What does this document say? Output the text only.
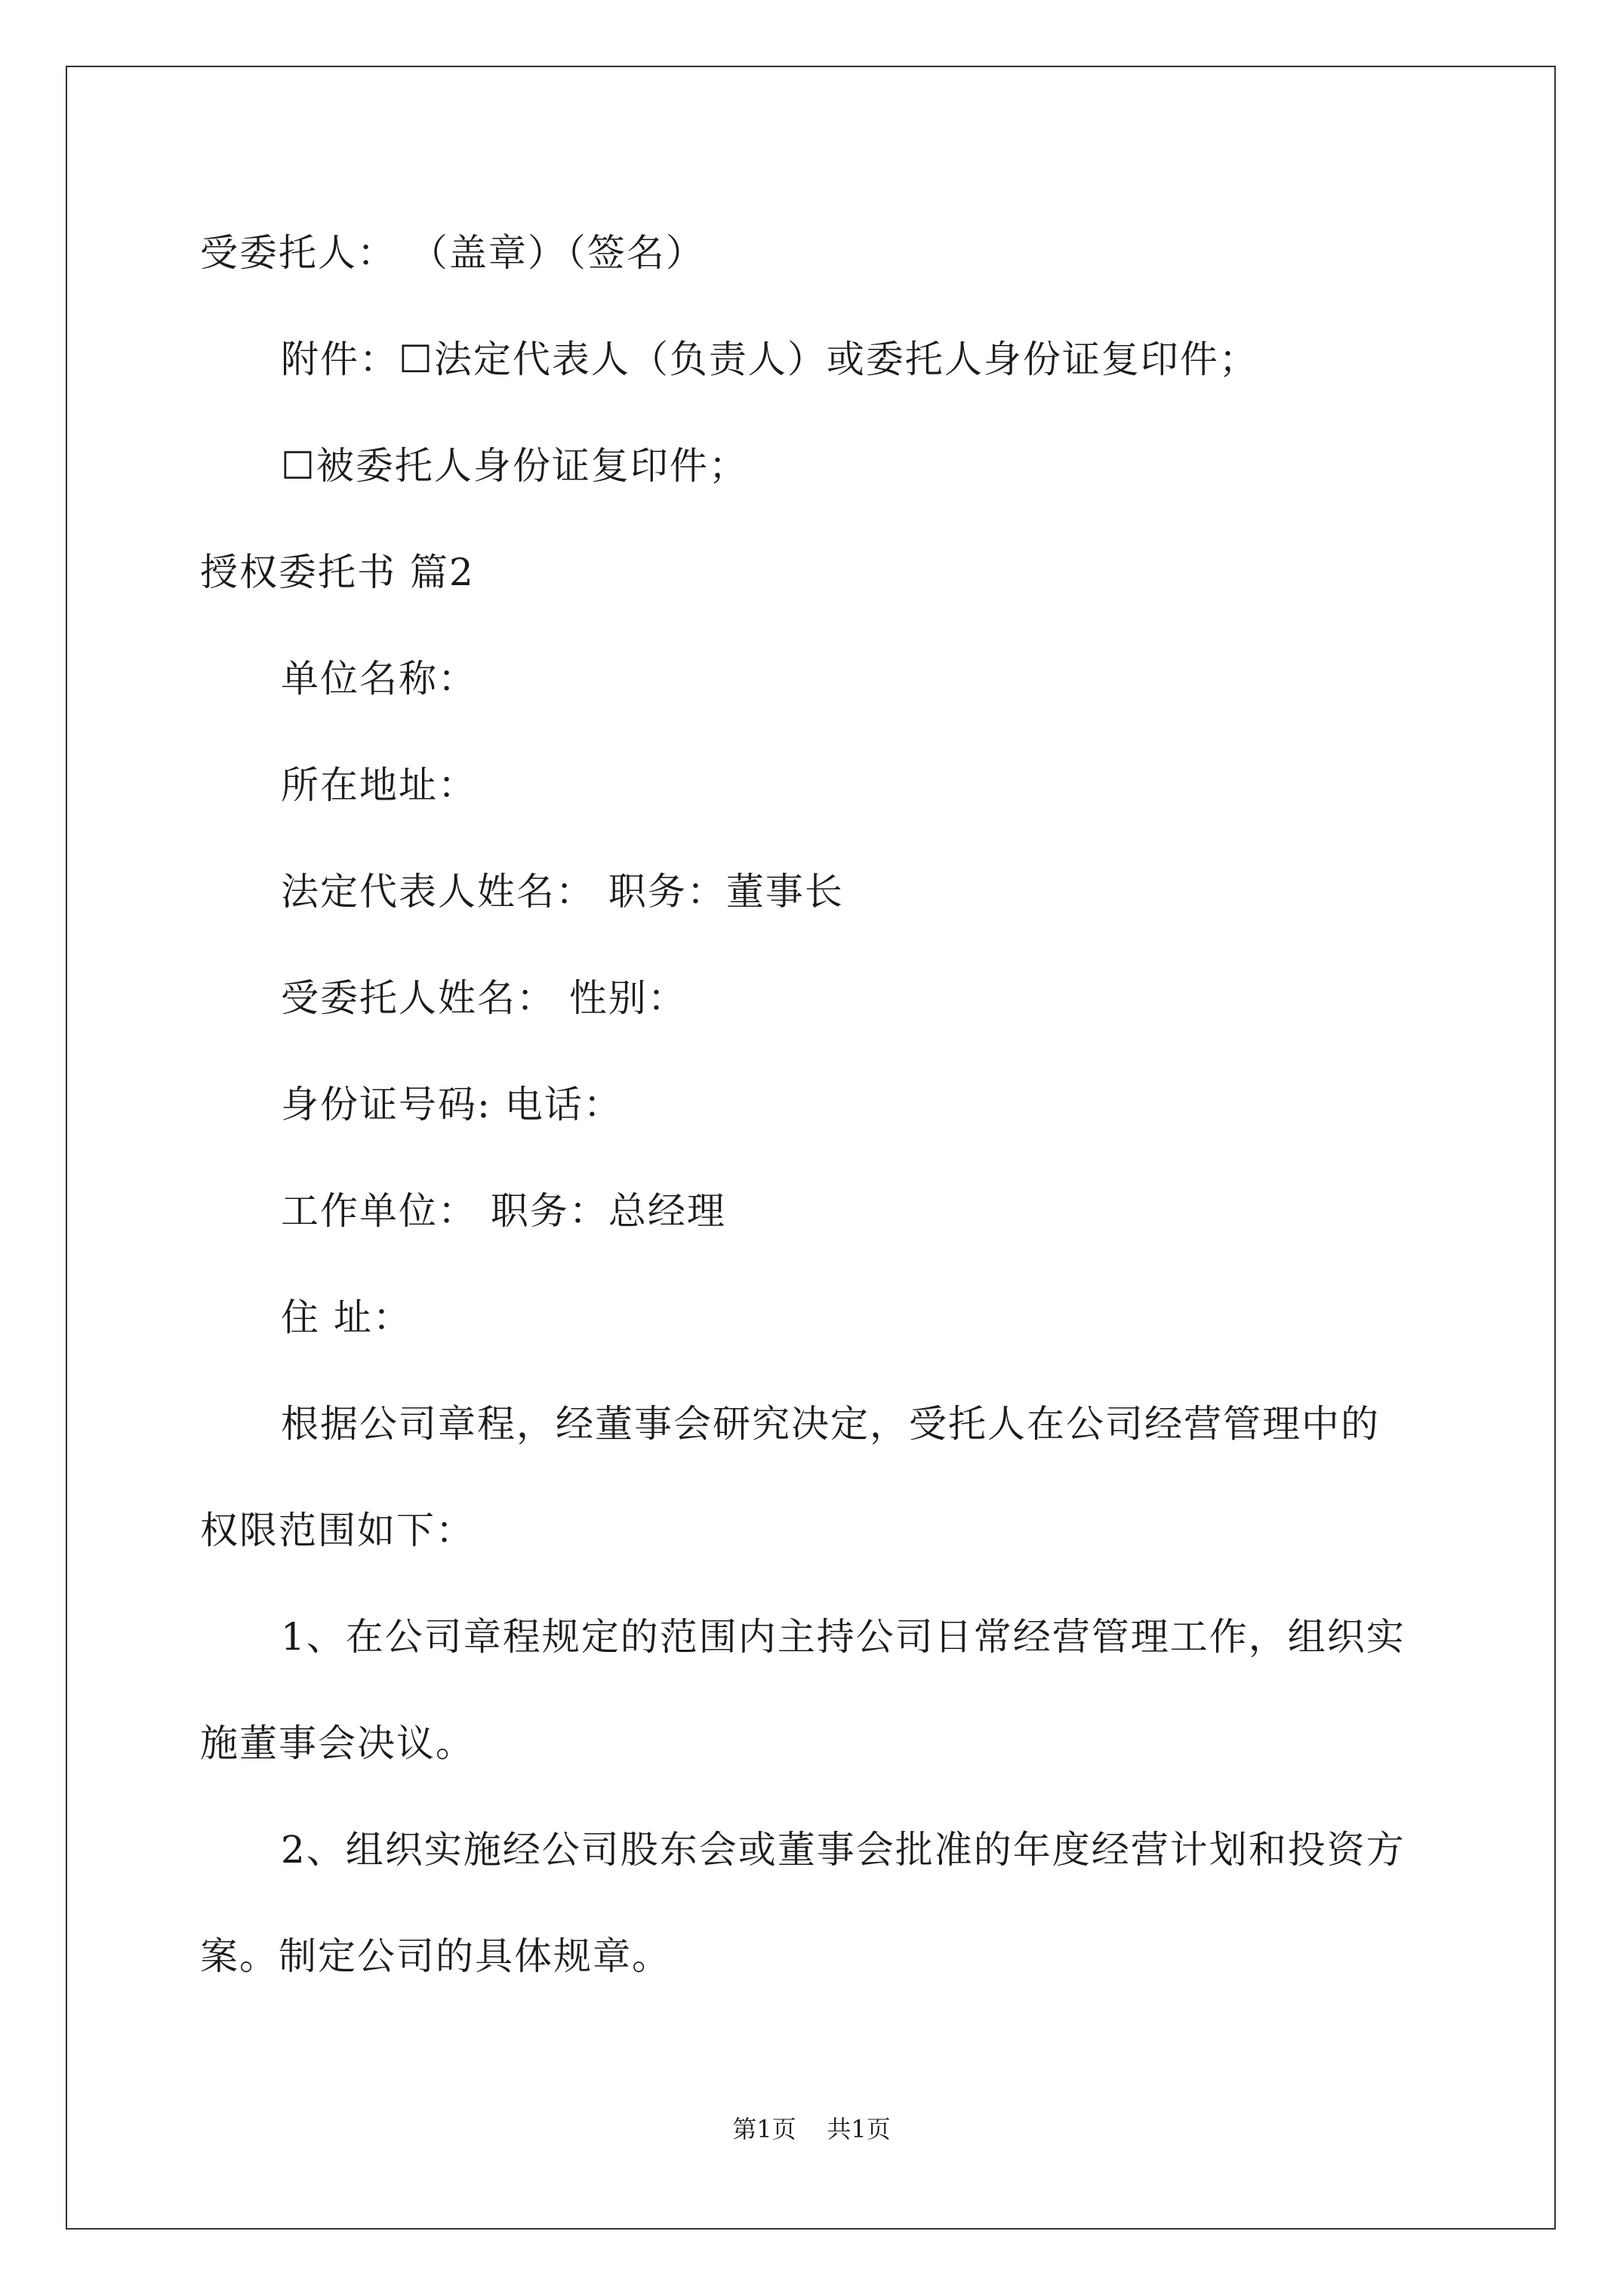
受委托人： （盖章）（签名）
附件：☐法定代表人（负责人）或委托人身份证复印件；
☐被委托人身份证复印件；
授权委托书 篇2
单位名称：
所在地址：
法定代表人姓名： 职务：董事长
受委托人姓名： 性别：
身份证号码: 电话：
工作单位： 职务：总经理
住 址：
根据公司章程，经董事会研究决定，受托人在公司经营管理中的
权限范围如下：
1、在公司章程规定的范围内主持公司日常经营管理工作，组织实
施董事会决议。
2、组织实施经公司股东会或董事会批准的年度经营计划和投资方
案。制定公司的具体规章。
第1页 共1页
